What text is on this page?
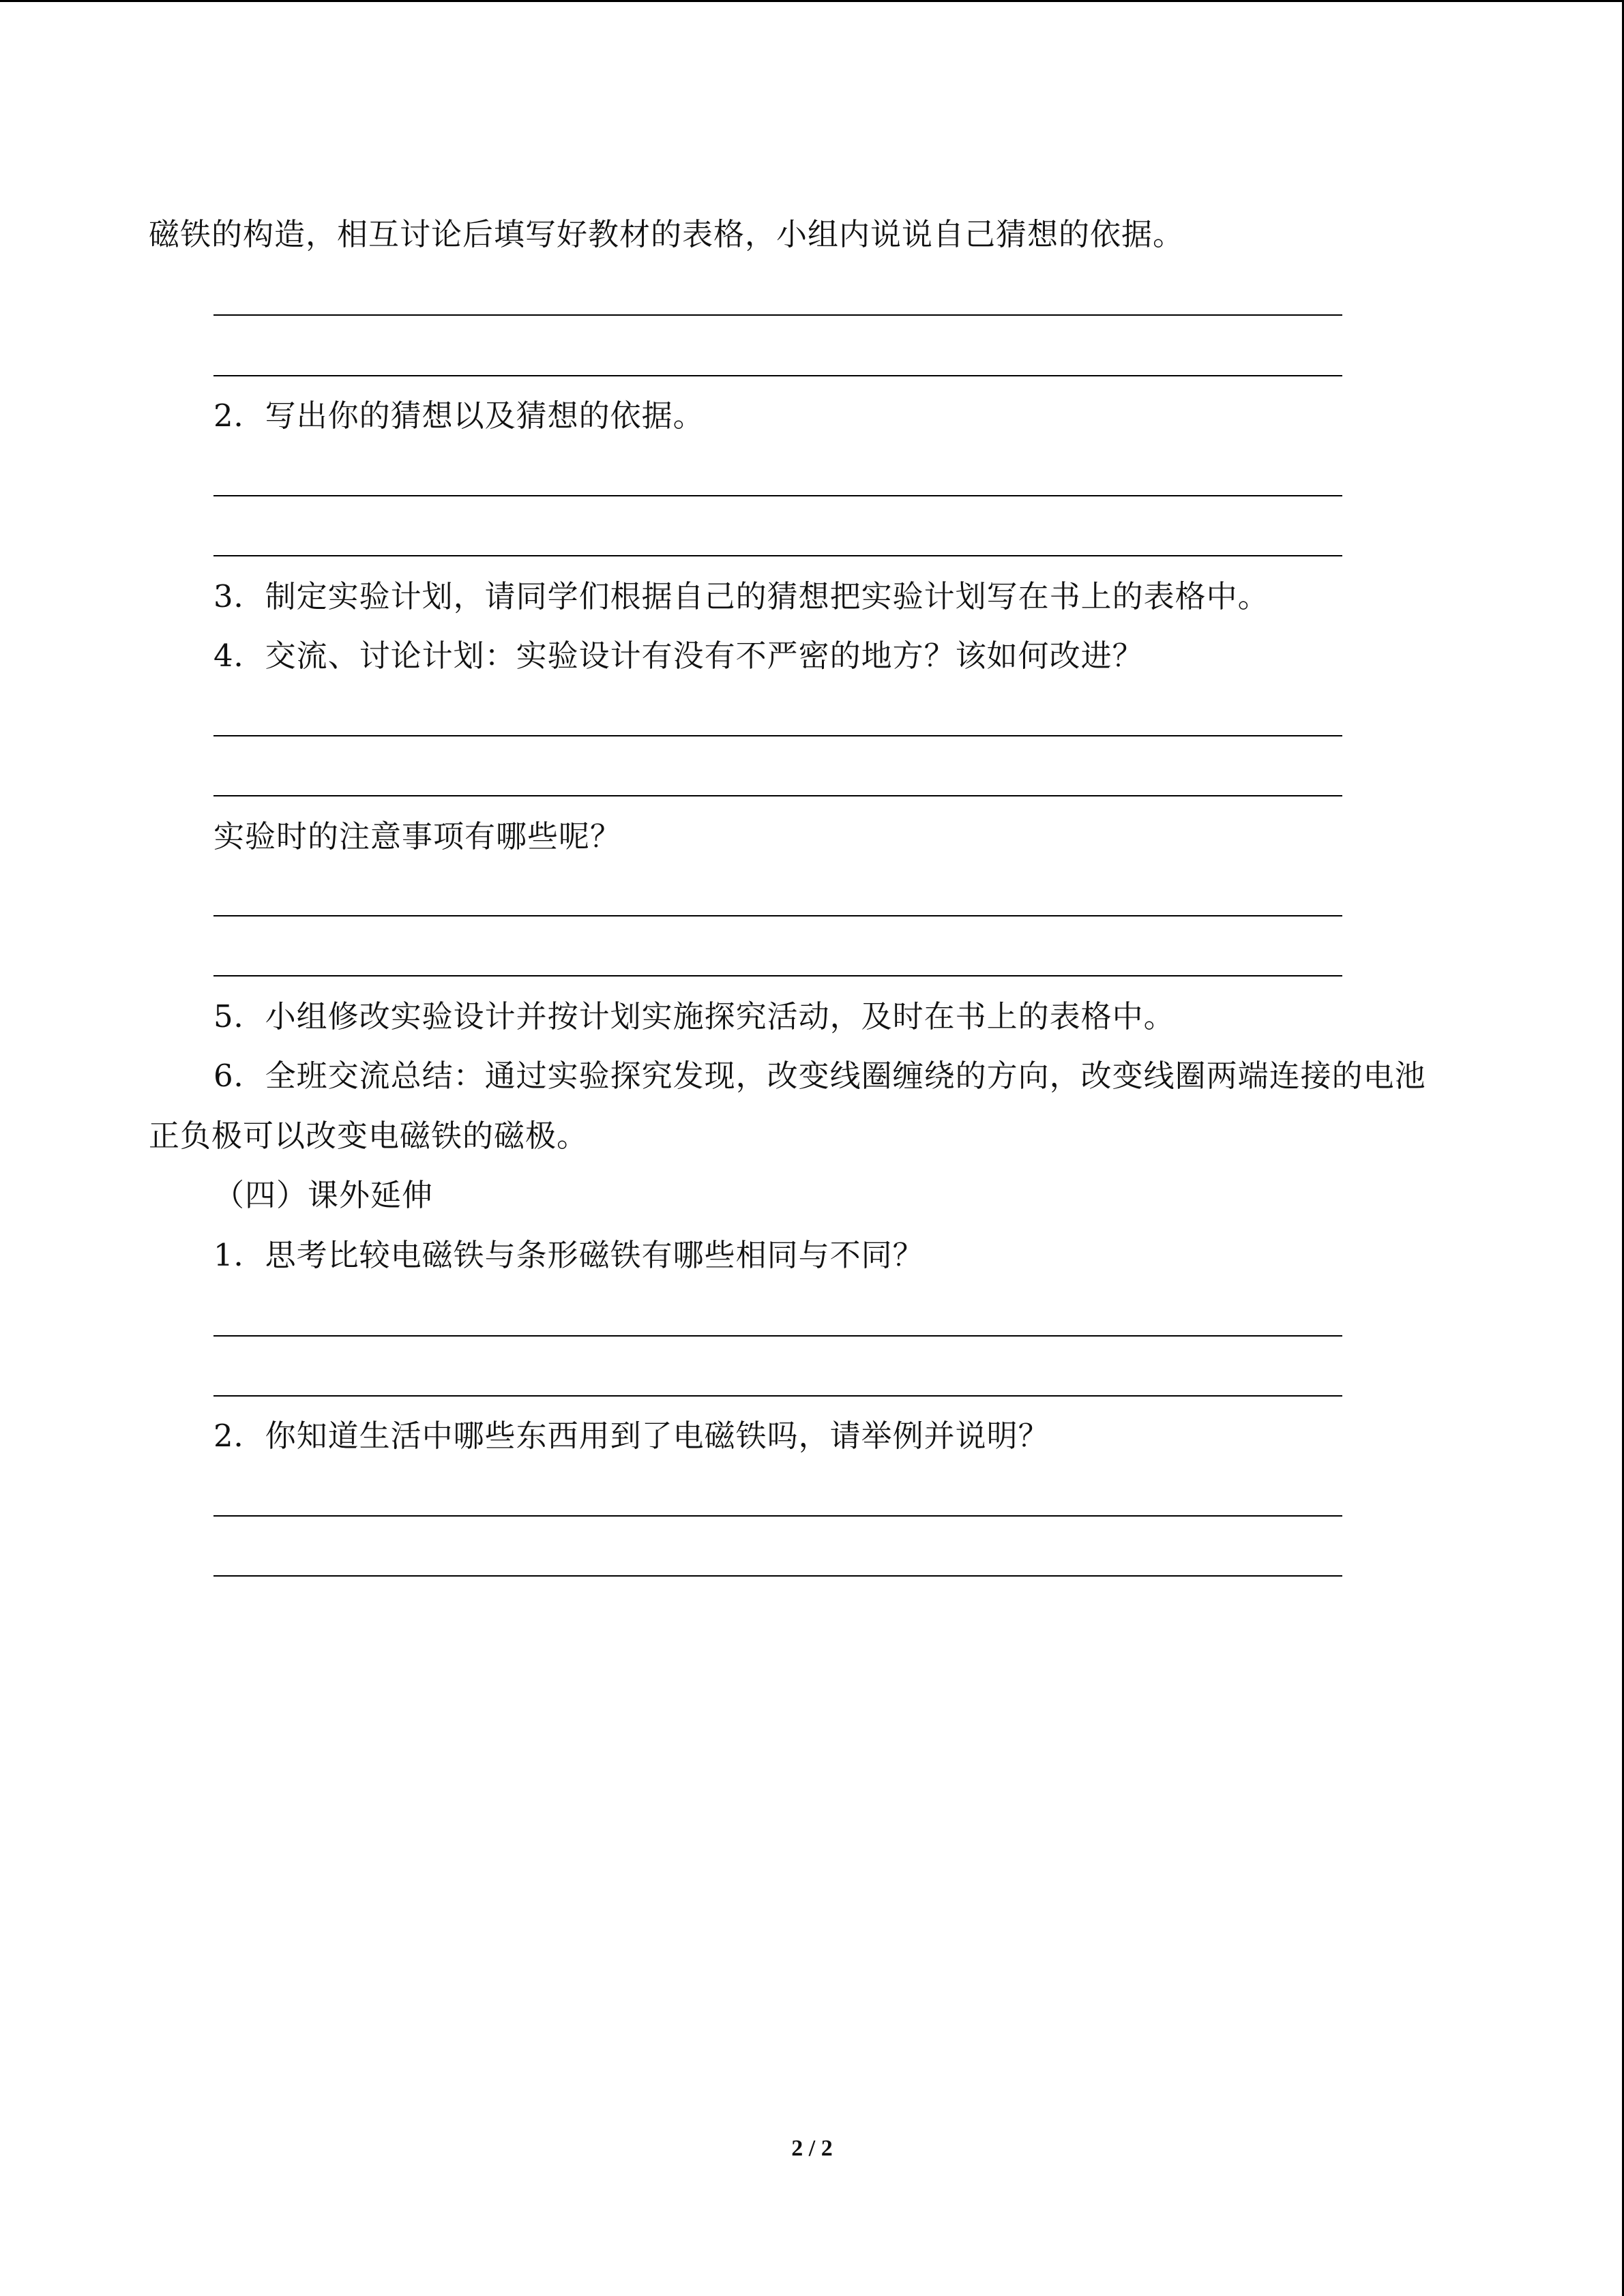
磁铁的构造，相互讨论后填写好教材的表格，小组内说说自己猜想的依据。
2．写出你的猜想以及猜想的依据。
3．制定实验计划，请同学们根据自己的猜想把实验计划写在书上的表格中。
4．交流、讨论计划：实验设计有没有不严密的地方？该如何改进？
实验时的注意事项有哪些呢？
5．小组修改实验设计并按计划实施探究活动，及时在书上的表格中。
6．全班交流总结：通过实验探究发现，改变线圈缠绕的方向，改变线圈两端连接的电池
正负极可以改变电磁铁的磁极。
（四）课外延伸
1．思考比较电磁铁与条形磁铁有哪些相同与不同？
2．你知道生活中哪些东西用到了电磁铁吗，请举例并说明？
2 / 2
